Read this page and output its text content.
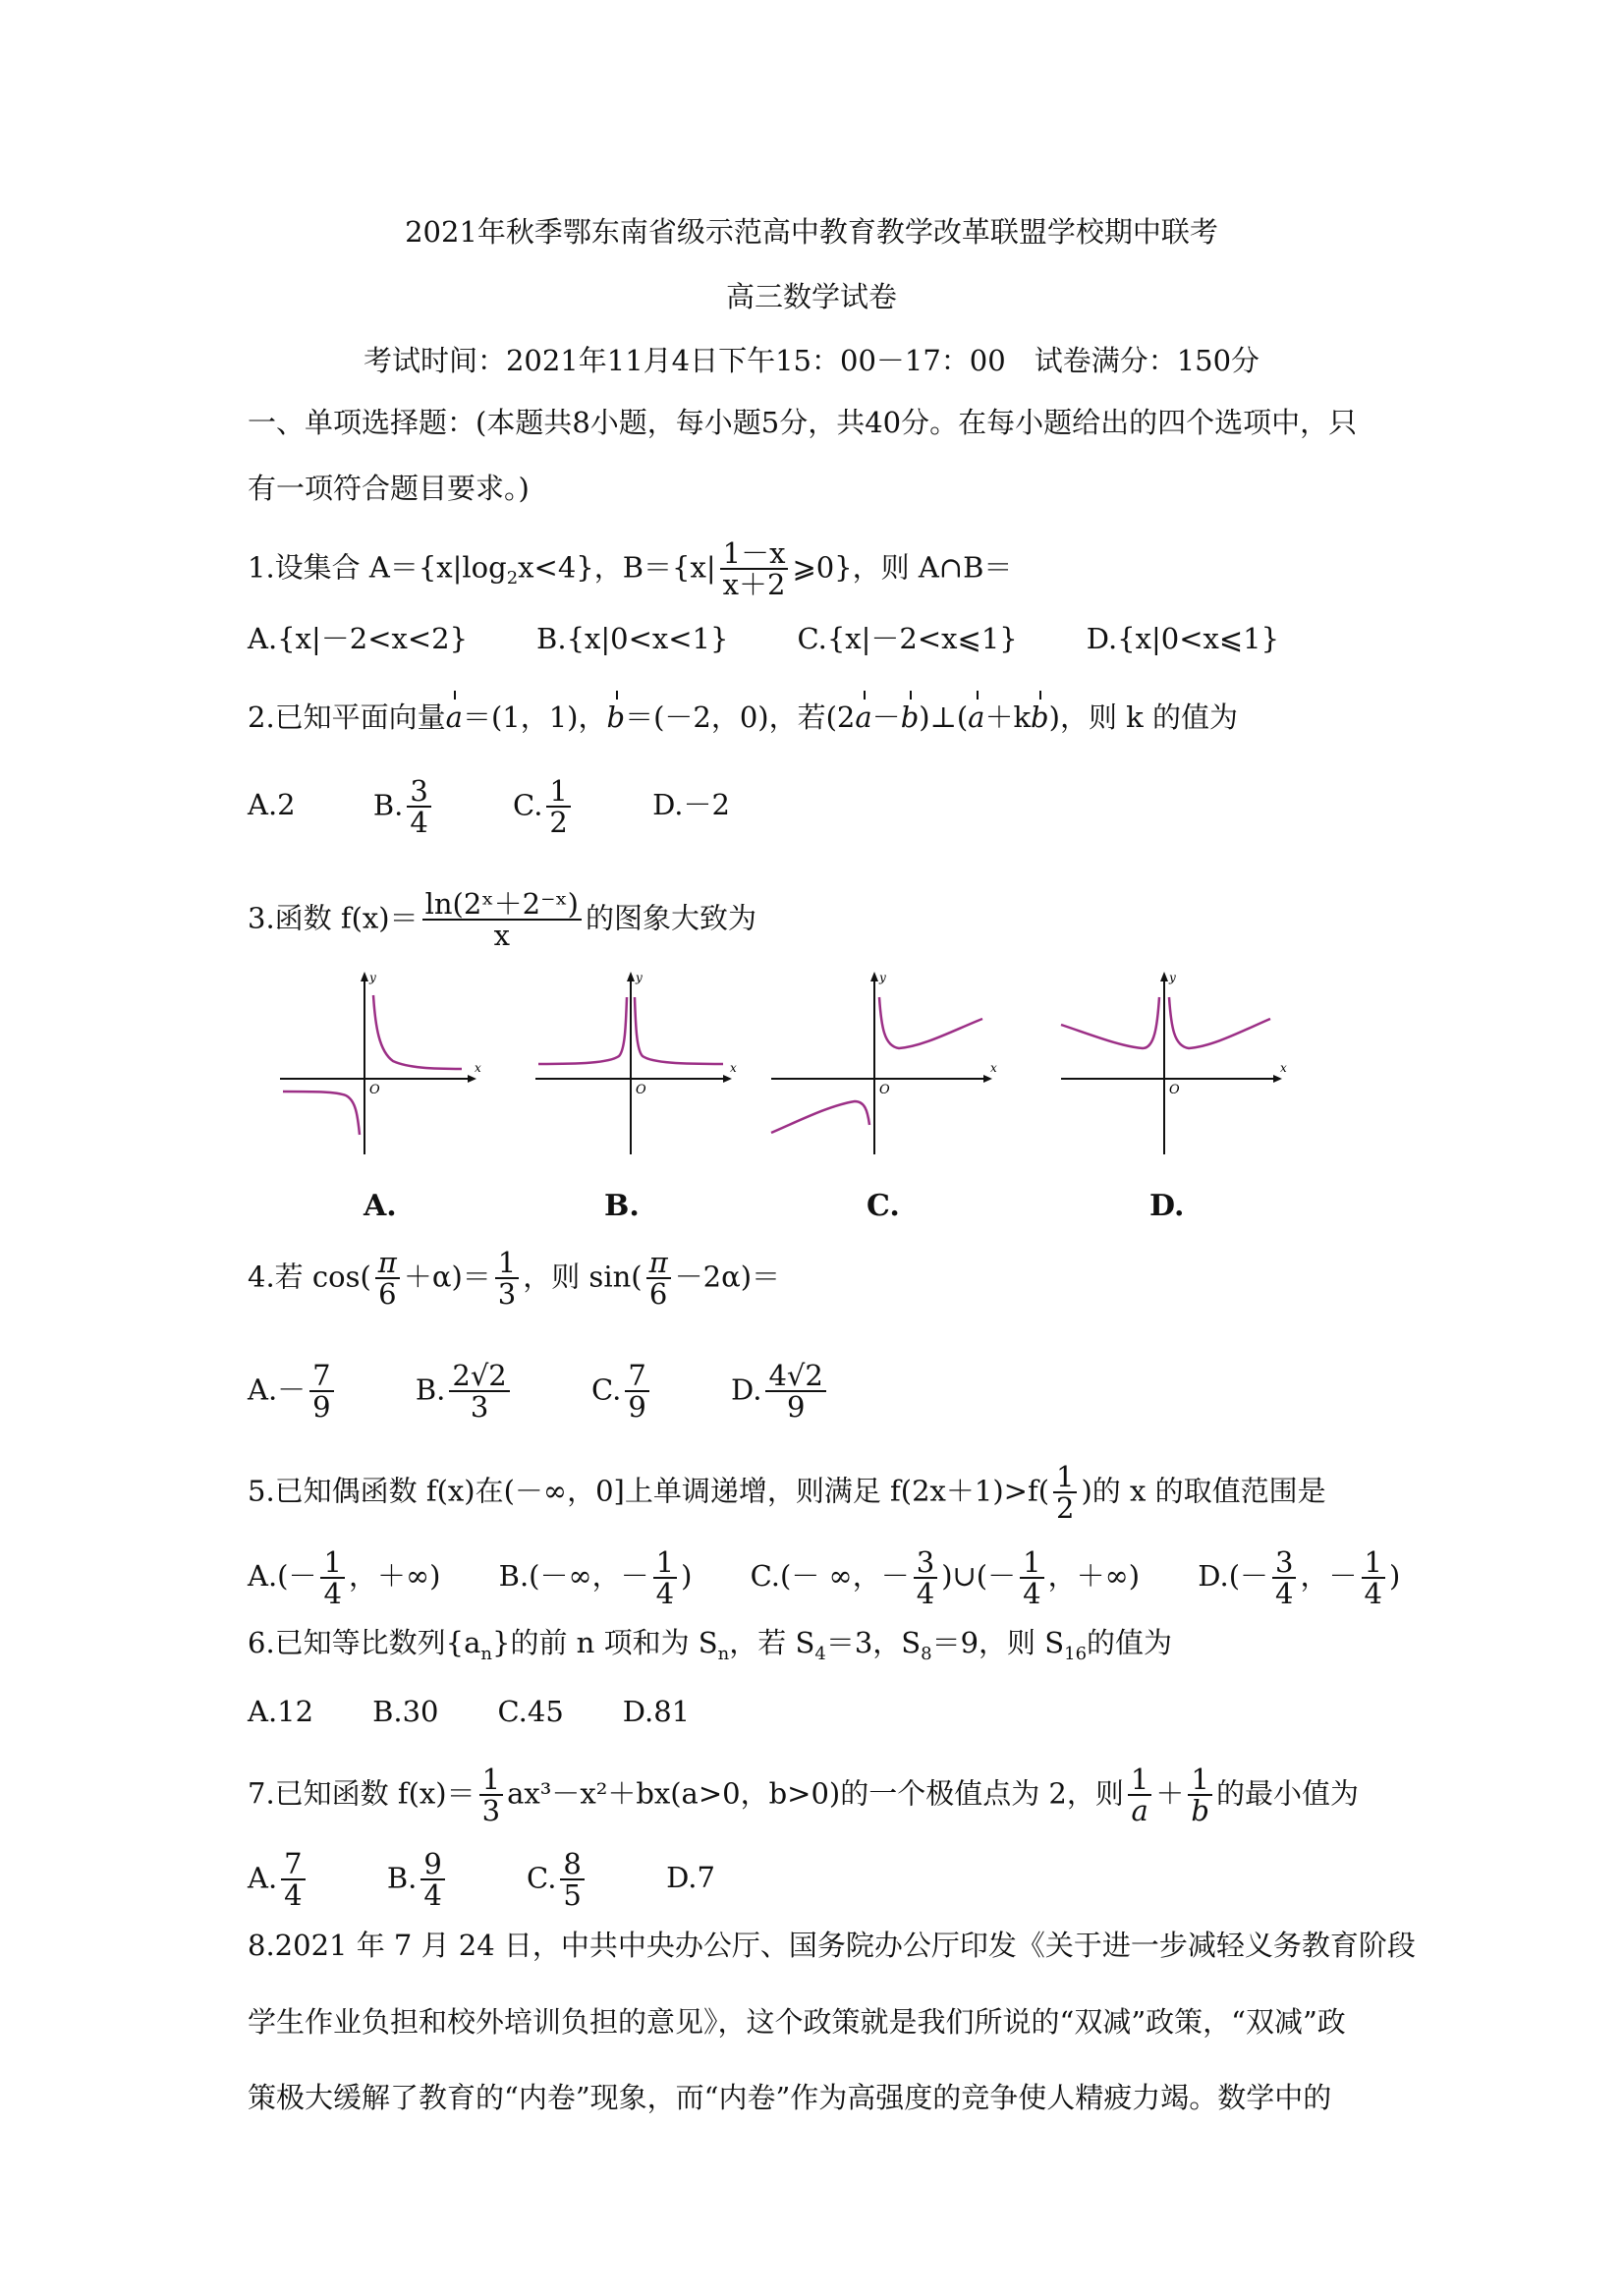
2021年秋季鄂东南省级示范高中教育教学改革联盟学校期中联考
高三数学试卷
考试时间：2021年11月4日下午15：00－17：00　试卷满分：150分
一、单项选择题：(本题共8小题，每小题5分，共40分。在每小题给出的四个选项中，只
有一项符合题目要求。)
1.设集合 $A=\{x|\log_2x<4\}$，$B=\{x| \frac{1-x}{x+2}$ ⩾0}，则 A∩B＝
A.{x|－2<x<2} B.{x|0<x<1} C.{x|－2<x⩽1} D.{x|0<x⩽1}
2.已知平面向量a＝(1，1)，b＝(－2，0)，若(2a－b)⊥(a＋kb)，则 k 的值为
A.2	B. $\frac{3}{4}$	C. $\frac{1}{2}$	D.－2
3.函数 $f(x)= \frac{\text{ln(2ˣ＋2⁻ˣ)}}{x}$ 的图象大致为
x
y
O
A.
x
y
O
B.
x
y
O
C.
x
y
O
D.
4.若 $\cos( \frac{\pi}{6} +\alpha)= \frac{1}{3}$ ，则 $\sin( \frac{\pi}{6} -2\alpha)=$
$A.- \frac{7}{9}$	B. $\frac{2√2}{3}$	C. $\frac{7}{9}$	D. $\frac{4√2}{9}$
5.已知偶函数 f(x)在(－∞，0]上单调递增，则满足 $f(2x+1)>f( \frac{1}{2}$ )的 x 的取值范围是
$A.(- \frac{1}{4}$ ，＋∞) B.(－∞，－ $\frac{1}{4}$ ) C.(－ ∞，－ $\frac{3}{4}$ )∪(－ $\frac{1}{4}$ ，＋∞) $D.(- \frac{3}{4}$ ，－ $\frac{1}{4}$ )
6.已知等比数列$\{a_n\}$的前 n 项和为 $S_n$，若 $S_4=3$，$S_8=9$，则 $S_{16}$的值为
A.12 B.30 C.45 D.81
7.已知函数 $f(x)= \frac{1}{3} ax^3-x^2+bx(a>0$，b>0)的一个极值点为 2，则 $\frac{1}{a} + \frac{1}{b}$ 的最小值为
A. $\frac{7}{4}$	B. $\frac{9}{4}$	C. $\frac{8}{5}$	D.7
8.2021 年 7 月 24 日，中共中央办公厅、国务院办公厅印发《关于进一步减轻义务教育阶段
学生作业负担和校外培训负担的意见》，这个政策就是我们所说的“双减”政策，“双减”政
策极大缓解了教育的“内卷”现象，而“内卷”作为高强度的竞争使人精疲力竭。数学中的
